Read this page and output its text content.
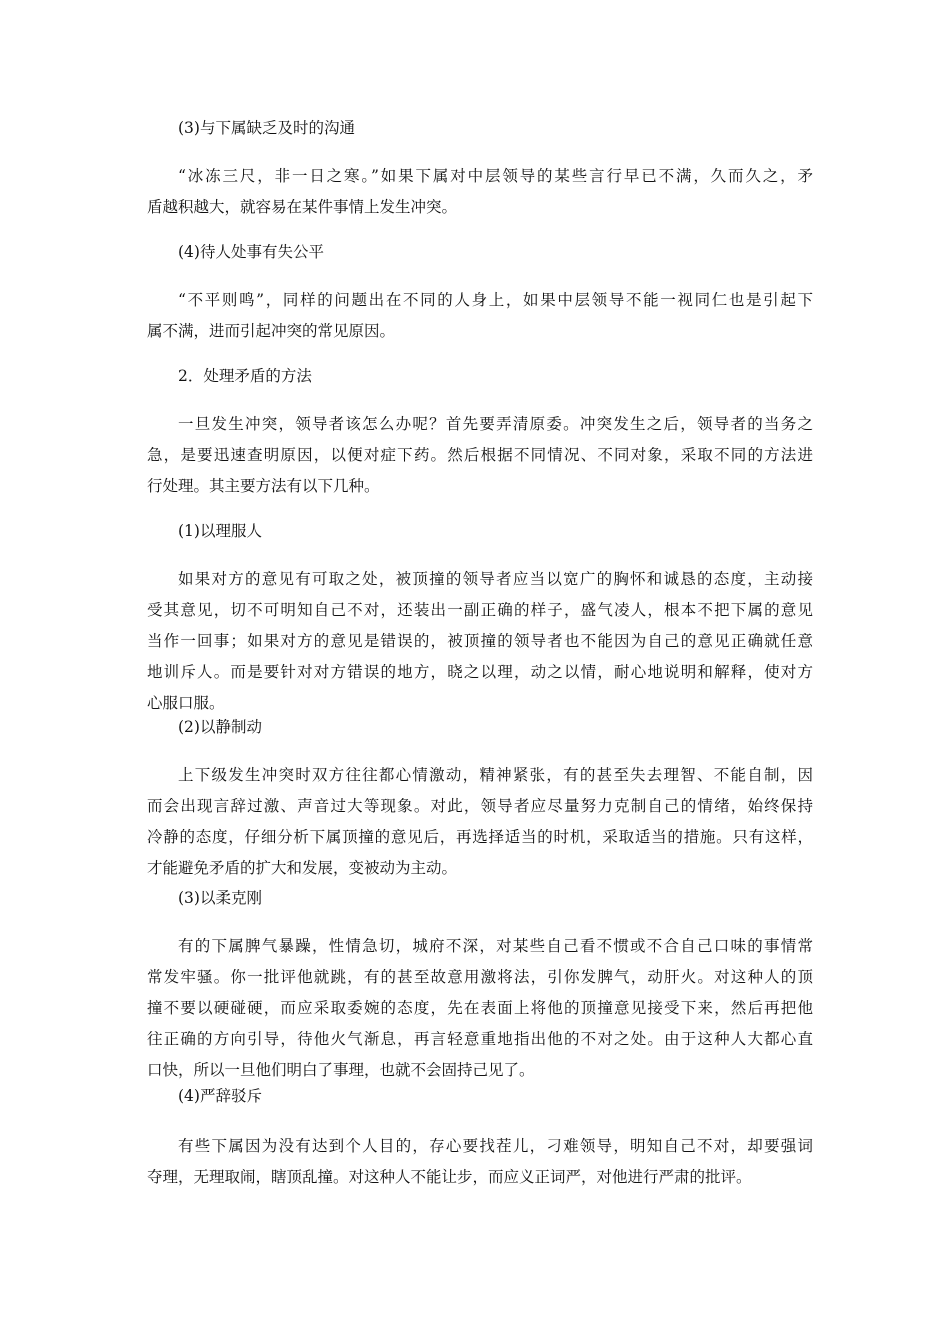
(3)与下属缺乏及时的沟通
“冰冻三尺，非一日之寒。”如果下属对中层领导的某些言行早已不满，久而久之，矛
盾越积越大，就容易在某件事情上发生冲突。
(4)待人处事有失公平
“不平则鸣”，同样的问题出在不同的人身上，如果中层领导不能一视同仁也是引起下
属不满，进而引起冲突的常见原因。
2．处理矛盾的方法
一旦发生冲突，领导者该怎么办呢？首先要弄清原委。冲突发生之后，领导者的当务之
急，是要迅速查明原因，以便对症下药。然后根据不同情况、不同对象，采取不同的方法进
行处理。其主要方法有以下几种。
(1)以理服人
如果对方的意见有可取之处，被顶撞的领导者应当以宽广的胸怀和诚恳的态度，主动接
受其意见，切不可明知自己不对，还装出一副正确的样子，盛气凌人，根本不把下属的意见
当作一回事；如果对方的意见是错误的，被顶撞的领导者也不能因为自己的意见正确就任意
地训斥人。而是要针对对方错误的地方，晓之以理，动之以情，耐心地说明和解释，使对方
心服口服。
(2)以静制动
上下级发生冲突时双方往往都心情激动，精神紧张，有的甚至失去理智、不能自制，因
而会出现言辞过激、声音过大等现象。对此，领导者应尽量努力克制自己的情绪，始终保持
冷静的态度，仔细分析下属顶撞的意见后，再选择适当的时机，采取适当的措施。只有这样，
才能避免矛盾的扩大和发展，变被动为主动。
(3)以柔克刚
有的下属脾气暴躁，性情急切，城府不深，对某些自己看不惯或不合自己口味的事情常
常发牢骚。你一批评他就跳，有的甚至故意用激将法，引你发脾气，动肝火。对这种人的顶
撞不要以硬碰硬，而应采取委婉的态度，先在表面上将他的顶撞意见接受下来，然后再把他
往正确的方向引导，待他火气渐息，再言轻意重地指出他的不对之处。由于这种人大都心直
口快，所以一旦他们明白了事理，也就不会固持己见了。
(4)严辞驳斥
有些下属因为没有达到个人目的，存心要找茬儿，刁难领导，明知自己不对，却要强词
夺理，无理取闹，瞎顶乱撞。对这种人不能让步，而应义正词严，对他进行严肃的批评。
